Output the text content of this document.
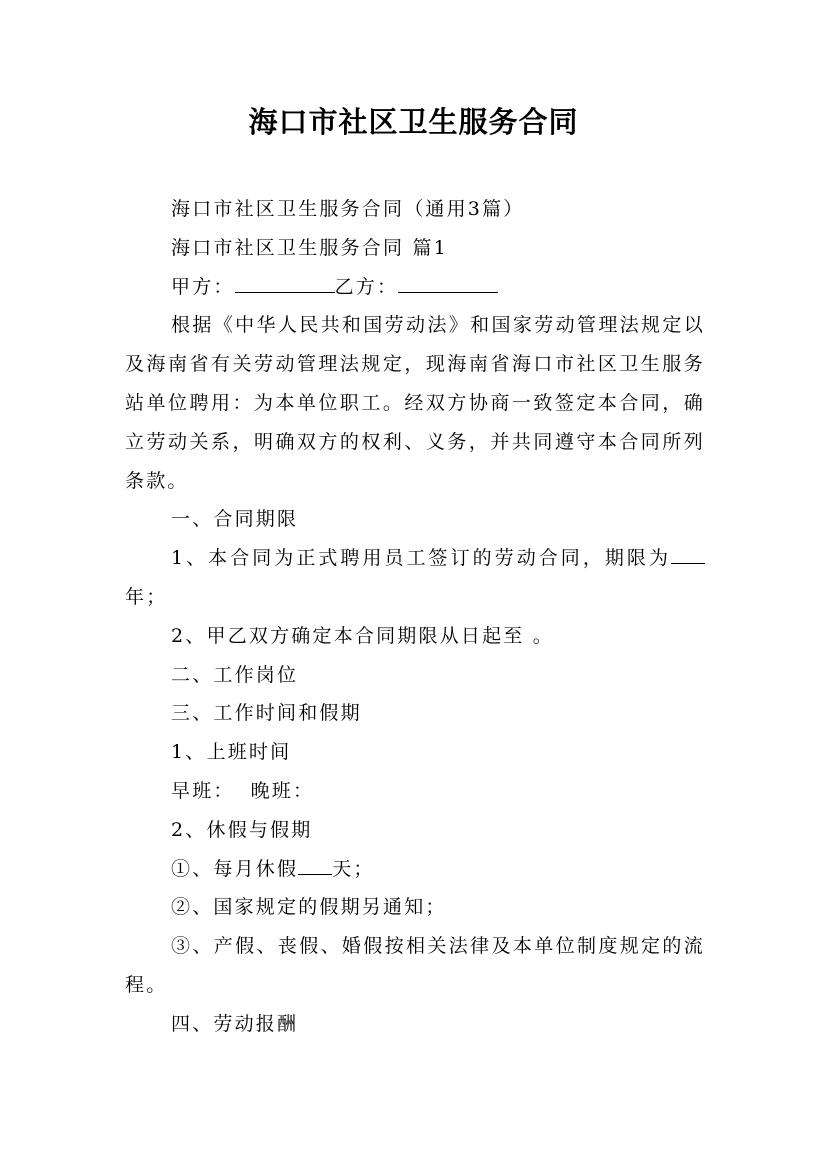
海口市社区卫生服务合同

海口市社区卫生服务合同（通用3篇）

海口市社区卫生服务合同 篇1

甲方：	乙方：

根据《中华人民共和国劳动法》和国家劳动管理法规定以及海南省有关劳动管理法规定，现海南省海口市社区卫生服务站单位聘用：为本单位职工。经双方协商一致签定本合同，确立劳动关系，明确双方的权利、义务，并共同遵守本合同所列条款。

一、合同期限

1、本合同为正式聘用员工签订的劳动合同，期限为年；

2、甲乙双方确定本合同期限从日起至 。

二、工作岗位

三、工作时间和假期

1、上班时间

早班： 晚班：

2、休假与假期

①、每月休假 天；

②、国家规定的假期另通知；

③、产假、丧假、婚假按相关法律及本单位制度规定的流程。

四、劳动报酬
